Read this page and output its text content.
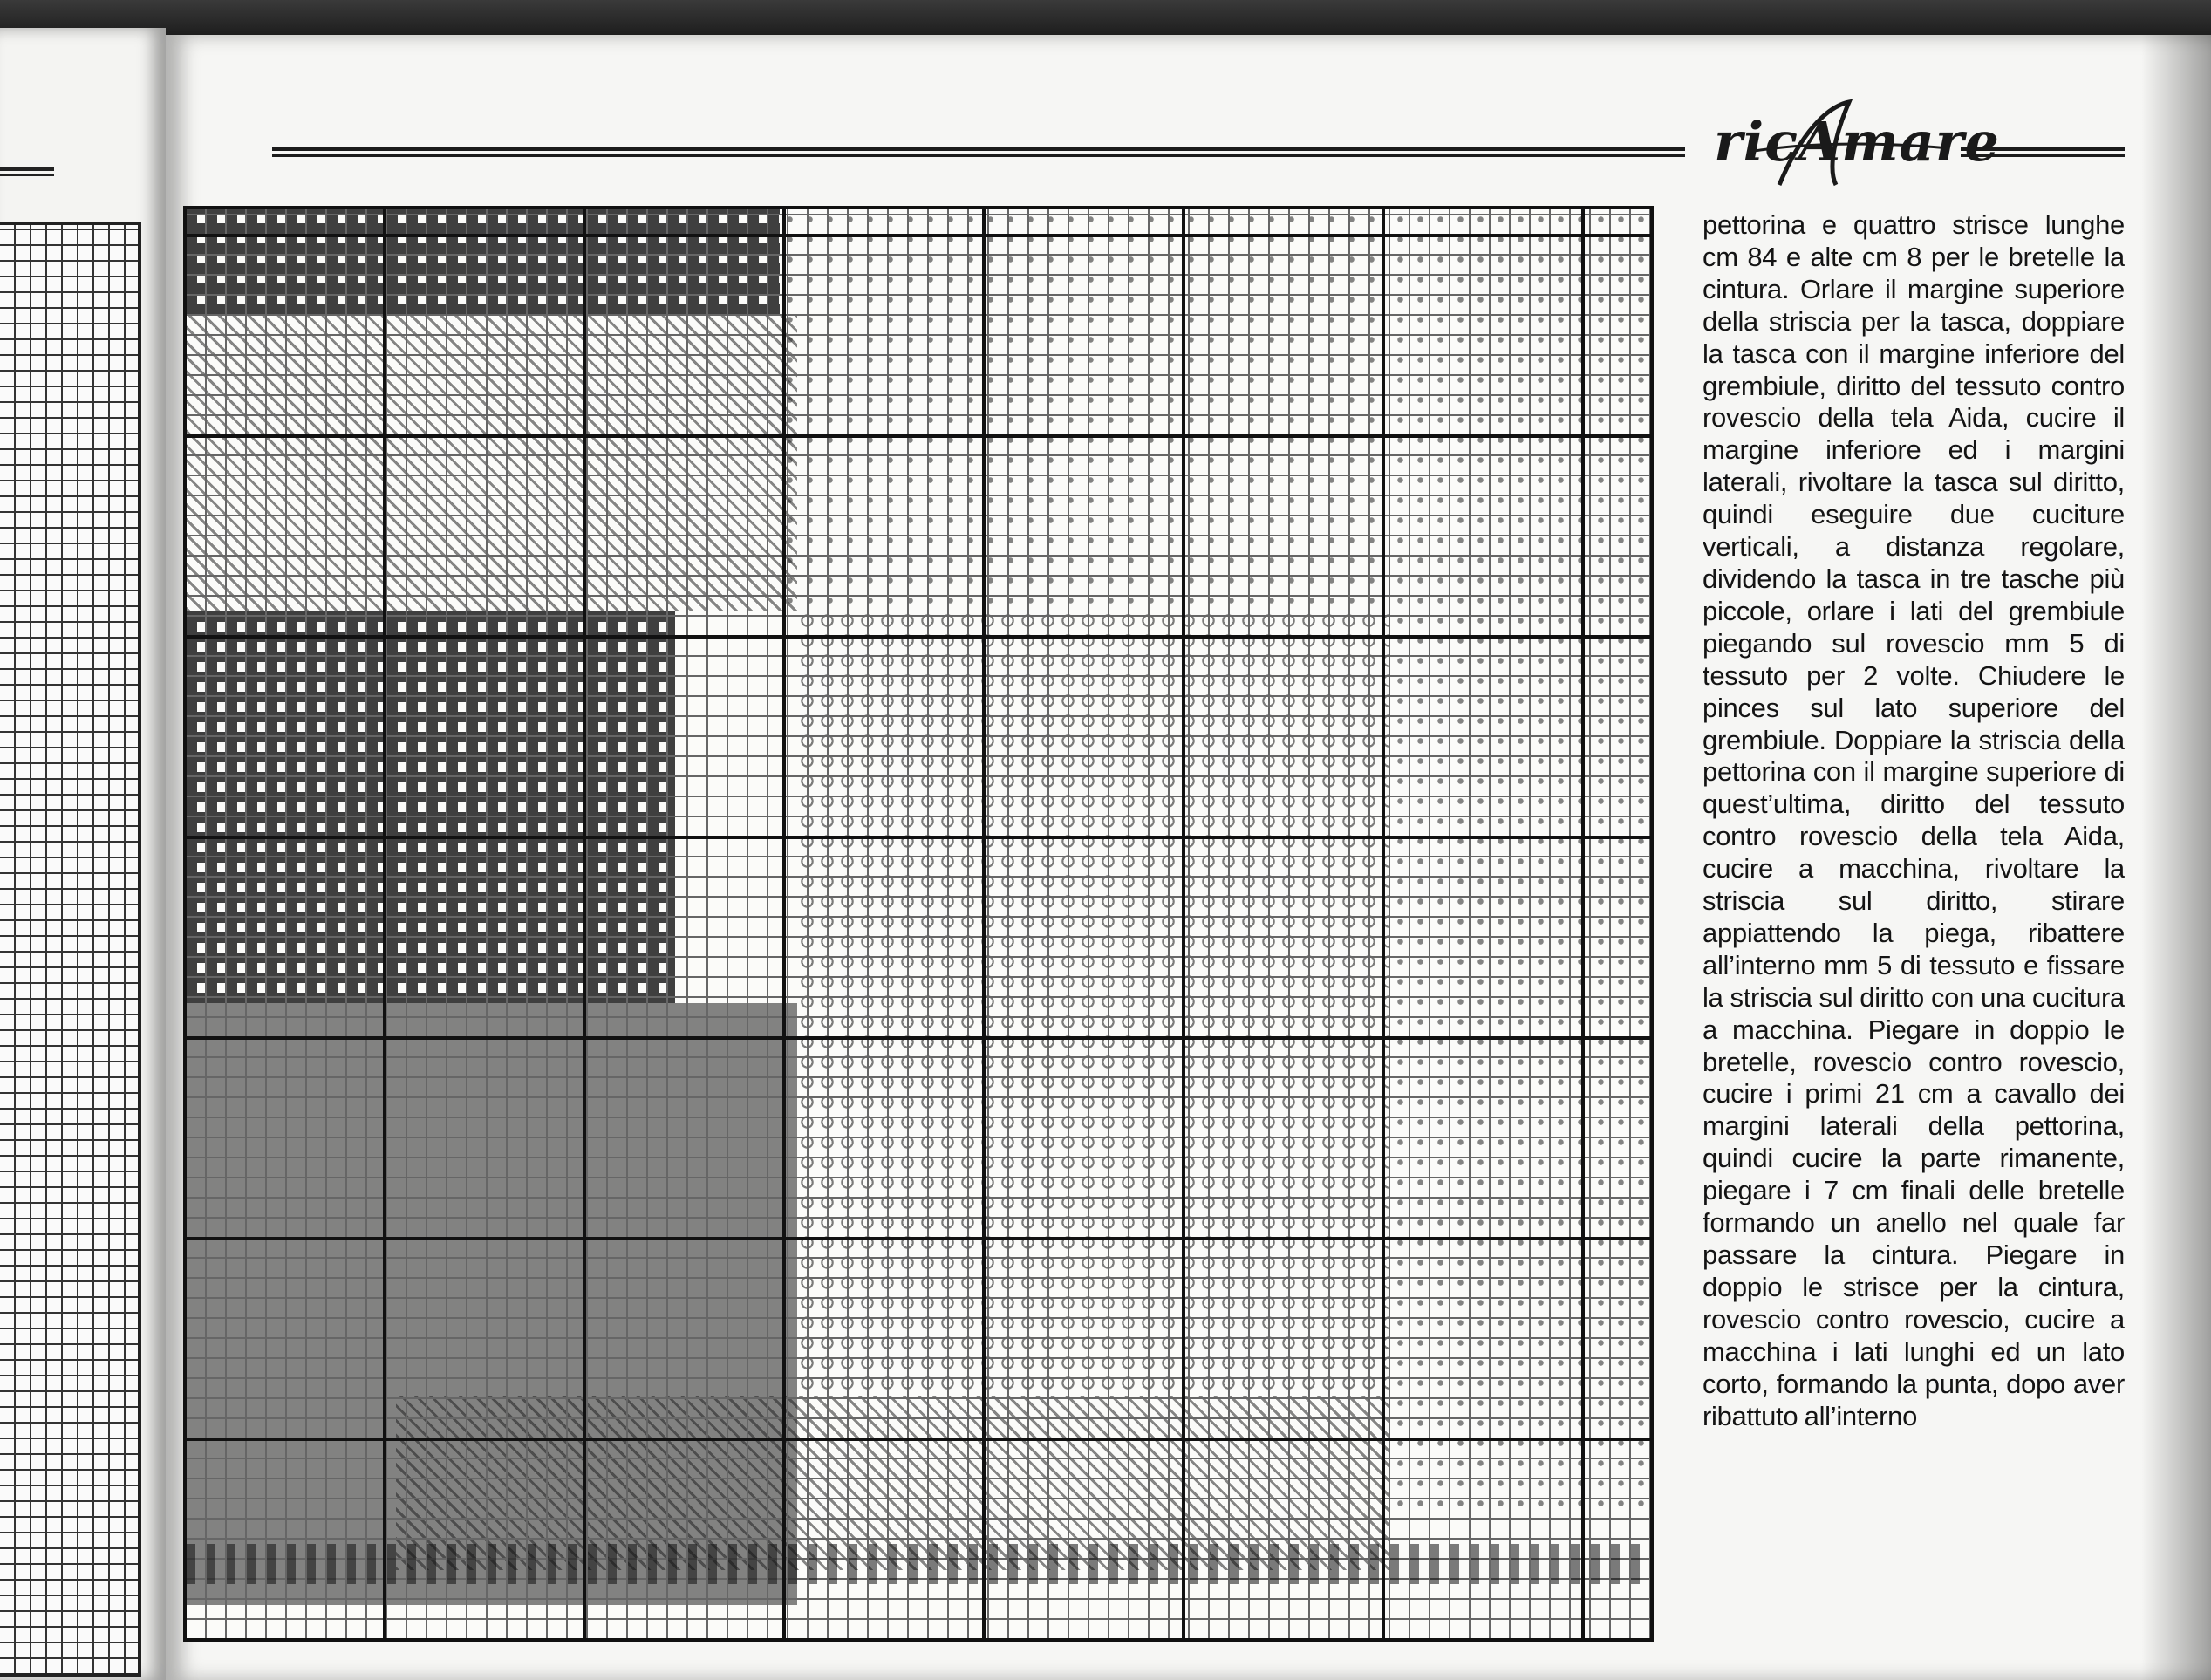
ricAmare

pettorina e quattro strisce lunghe cm 84 e alte cm 8 per le bretelle la cintura. Orlare il margine superiore della striscia per la tasca, doppiare la tasca con il margine inferiore del grembiule, diritto del tessuto contro rovescio della tela Aida, cucire il margine inferiore ed i margini laterali, rivoltare la tasca sul diritto, quindi eseguire due cuciture verticali, a distanza regolare, dividendo la tasca in tre tasche più piccole, orlare i lati del grembiule piegando sul rovescio mm 5 di tessuto per 2 volte. Chiudere le pinces sul lato superiore del grembiule. Doppiare la striscia della pettorina con il margine superiore di quest’ultima, diritto del tessuto contro rovescio della tela Aida, cucire a macchina, rivoltare la striscia sul diritto, stirare appiattendo la piega, ribattere all’interno mm 5 di tessuto e fissare la striscia sul diritto con una cucitura a macchina. Piegare in doppio le bretelle, rovescio contro rovescio, cucire i primi 21 cm a cavallo dei margini laterali della pettorina, quindi cucire la parte rimanente, piegare i 7 cm finali delle bretelle formando un anello nel quale far passare la cintura. Piegare in doppio le strisce per la cintura, rovescio contro rovescio, cucire a macchina i lati lunghi ed un lato corto, formando la punta, dopo aver ribattuto all’interno
